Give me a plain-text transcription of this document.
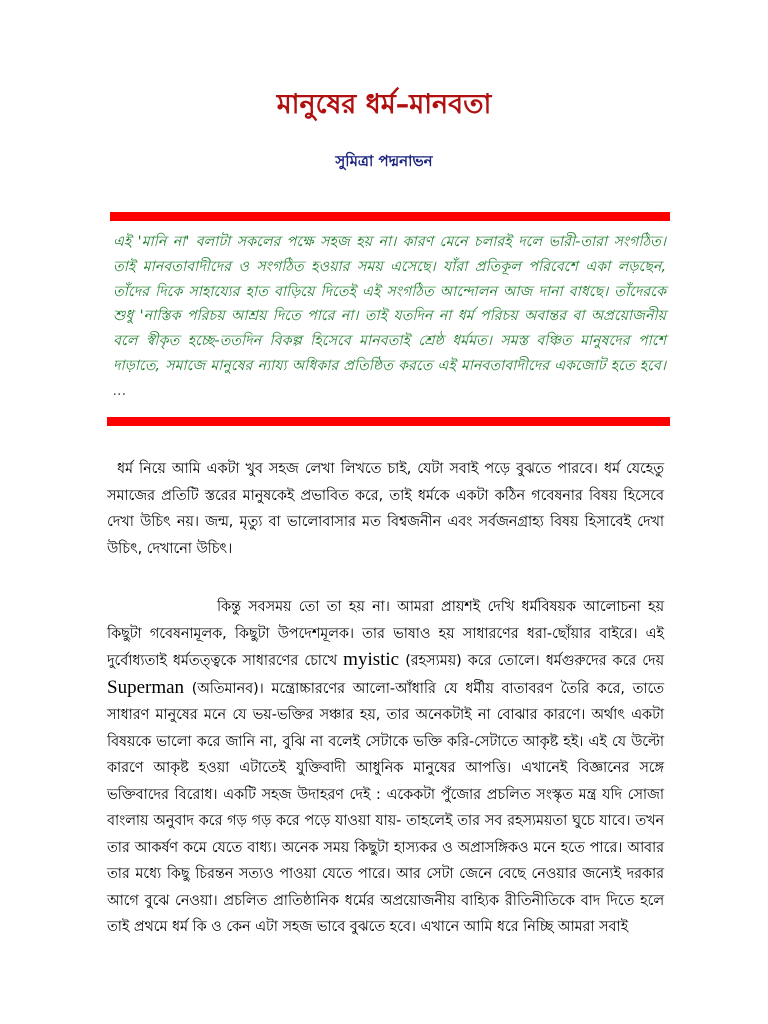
মানুষের ধর্ম–মানবতা
সুমিত্রা পদ্মনাভন

এই 'মানি না' বলাটা সকলের পক্ষে সহজ হয় না। কারণ মেনে চলারই দলে ভারী-তারা সংগঠিত। তাই মানবতাবাদীদের ও সংগঠিত হওয়ার সময় এসেছে। যাঁরা প্রতিকূল পরিবেশে একা লড়ছেন, তাঁদের দিকে সাহায্যের হাত বাড়িয়ে দিতেই এই সংগঠিত আন্দোলন আজ দানা বাধছে। তাঁদেরকে শুধু 'নাস্তিক পরিচয় আশ্রয় দিতে পারে না। তাই যতদিন না ধর্ম পরিচয় অবান্তর বা অপ্রয়োজনীয় বলে স্বীকৃত হচ্ছে-ততদিন বিকল্প হিসেবে মানবতাই শ্রেষ্ঠ ধর্মমত। সমস্ত বঞ্চিত মানুষদের পাশে দাড়াতে, সমাজে মানুষের ন্যায্য অধিকার প্রতিষ্ঠিত করতে এই মানবতাবাদীদের একজোট হতে হবে। ...

ধর্ম নিয়ে আমি একটা খুব সহজ লেখা লিখতে চাই, যেটা সবাই পড়ে বুঝতে পারবে। ধর্ম যেহেতু সমাজের প্রতিটি স্তরের মানুষকেই প্রভাবিত করে, তাই ধর্মকে একটা কঠিন গবেষনার বিষয় হিসেবে দেখা উচিৎ নয়। জন্ম, মৃত্যু বা ভালোবাসার মত বিশ্বজনীন এবং সর্বজনগ্রাহ্য বিষয় হিসাবেই দেখা উচিৎ, দেখানো উচিৎ।

কিন্তু সবসময় তো তা হয় না। আমরা প্রায়শই দেখি ধর্মবিষয়ক আলোচনা হয় কিছুটা গবেষনামূলক, কিছুটা উপদেশমূলক। তার ভাষাও হয় সাধারণের ধরা-ছোঁয়ার বাইরে। এই দুর্বোধ্যতাই ধর্মতত্ত্বকে সাধারণের চোখে myistic (রহস্যময়) করে তোলে। ধর্মগুরুদের করে দেয় Superman (অতিমানব)। মন্ত্রোচ্চারণের আলো-আঁধারি যে ধর্মীয় বাতাবরণ তৈরি করে, তাতে সাধারণ মানুষের মনে যে ভয়-ভক্তির সঞ্চার হয়, তার অনেকটাই না বোঝার কারণে। অর্থাৎ একটা বিষয়কে ভালো করে জানি না, বুঝি না বলেই সেটাকে ভক্তি করি-সেটাতে আকৃষ্ট হই। এই যে উল্টো কারণে আকৃষ্ট হওয়া এটাতেই যুক্তিবাদী আধুনিক মানুষের আপত্তি। এখানেই বিজ্ঞানের সঙ্গে ভক্তিবাদের বিরোধ। একটি সহজ উদাহরণ দেই : একেকটা পুঁজোর প্রচলিত সংস্কৃত মন্ত্র যদি সোজা বাংলায় অনুবাদ করে গড় গড় করে পড়ে যাওয়া যায়- তাহলেই তার সব রহস্যময়তা ঘুচে যাবে। তখন তার আকর্ষণ কমে যেতে বাধ্য। অনেক সময় কিছুটা হাস্যকর ও অপ্রাসঙ্গিকও মনে হতে পারে। আবার তার মধ্যে কিছু চিরন্তন সত্যও পাওয়া যেতে পারে। আর সেটা জেনে বেছে নেওয়ার জন্যেই দরকার আগে বুঝে নেওয়া। প্রচলিত প্রাতিষ্ঠানিক ধর্মের অপ্রয়োজনীয় বাহ্যিক রীতিনীতিকে বাদ দিতে হলে তাই প্রথমে ধর্ম কি ও কেন এটা সহজ ভাবে বুঝতে হবে। এখানে আমি ধরে নিচ্ছি আমরা সবাই
